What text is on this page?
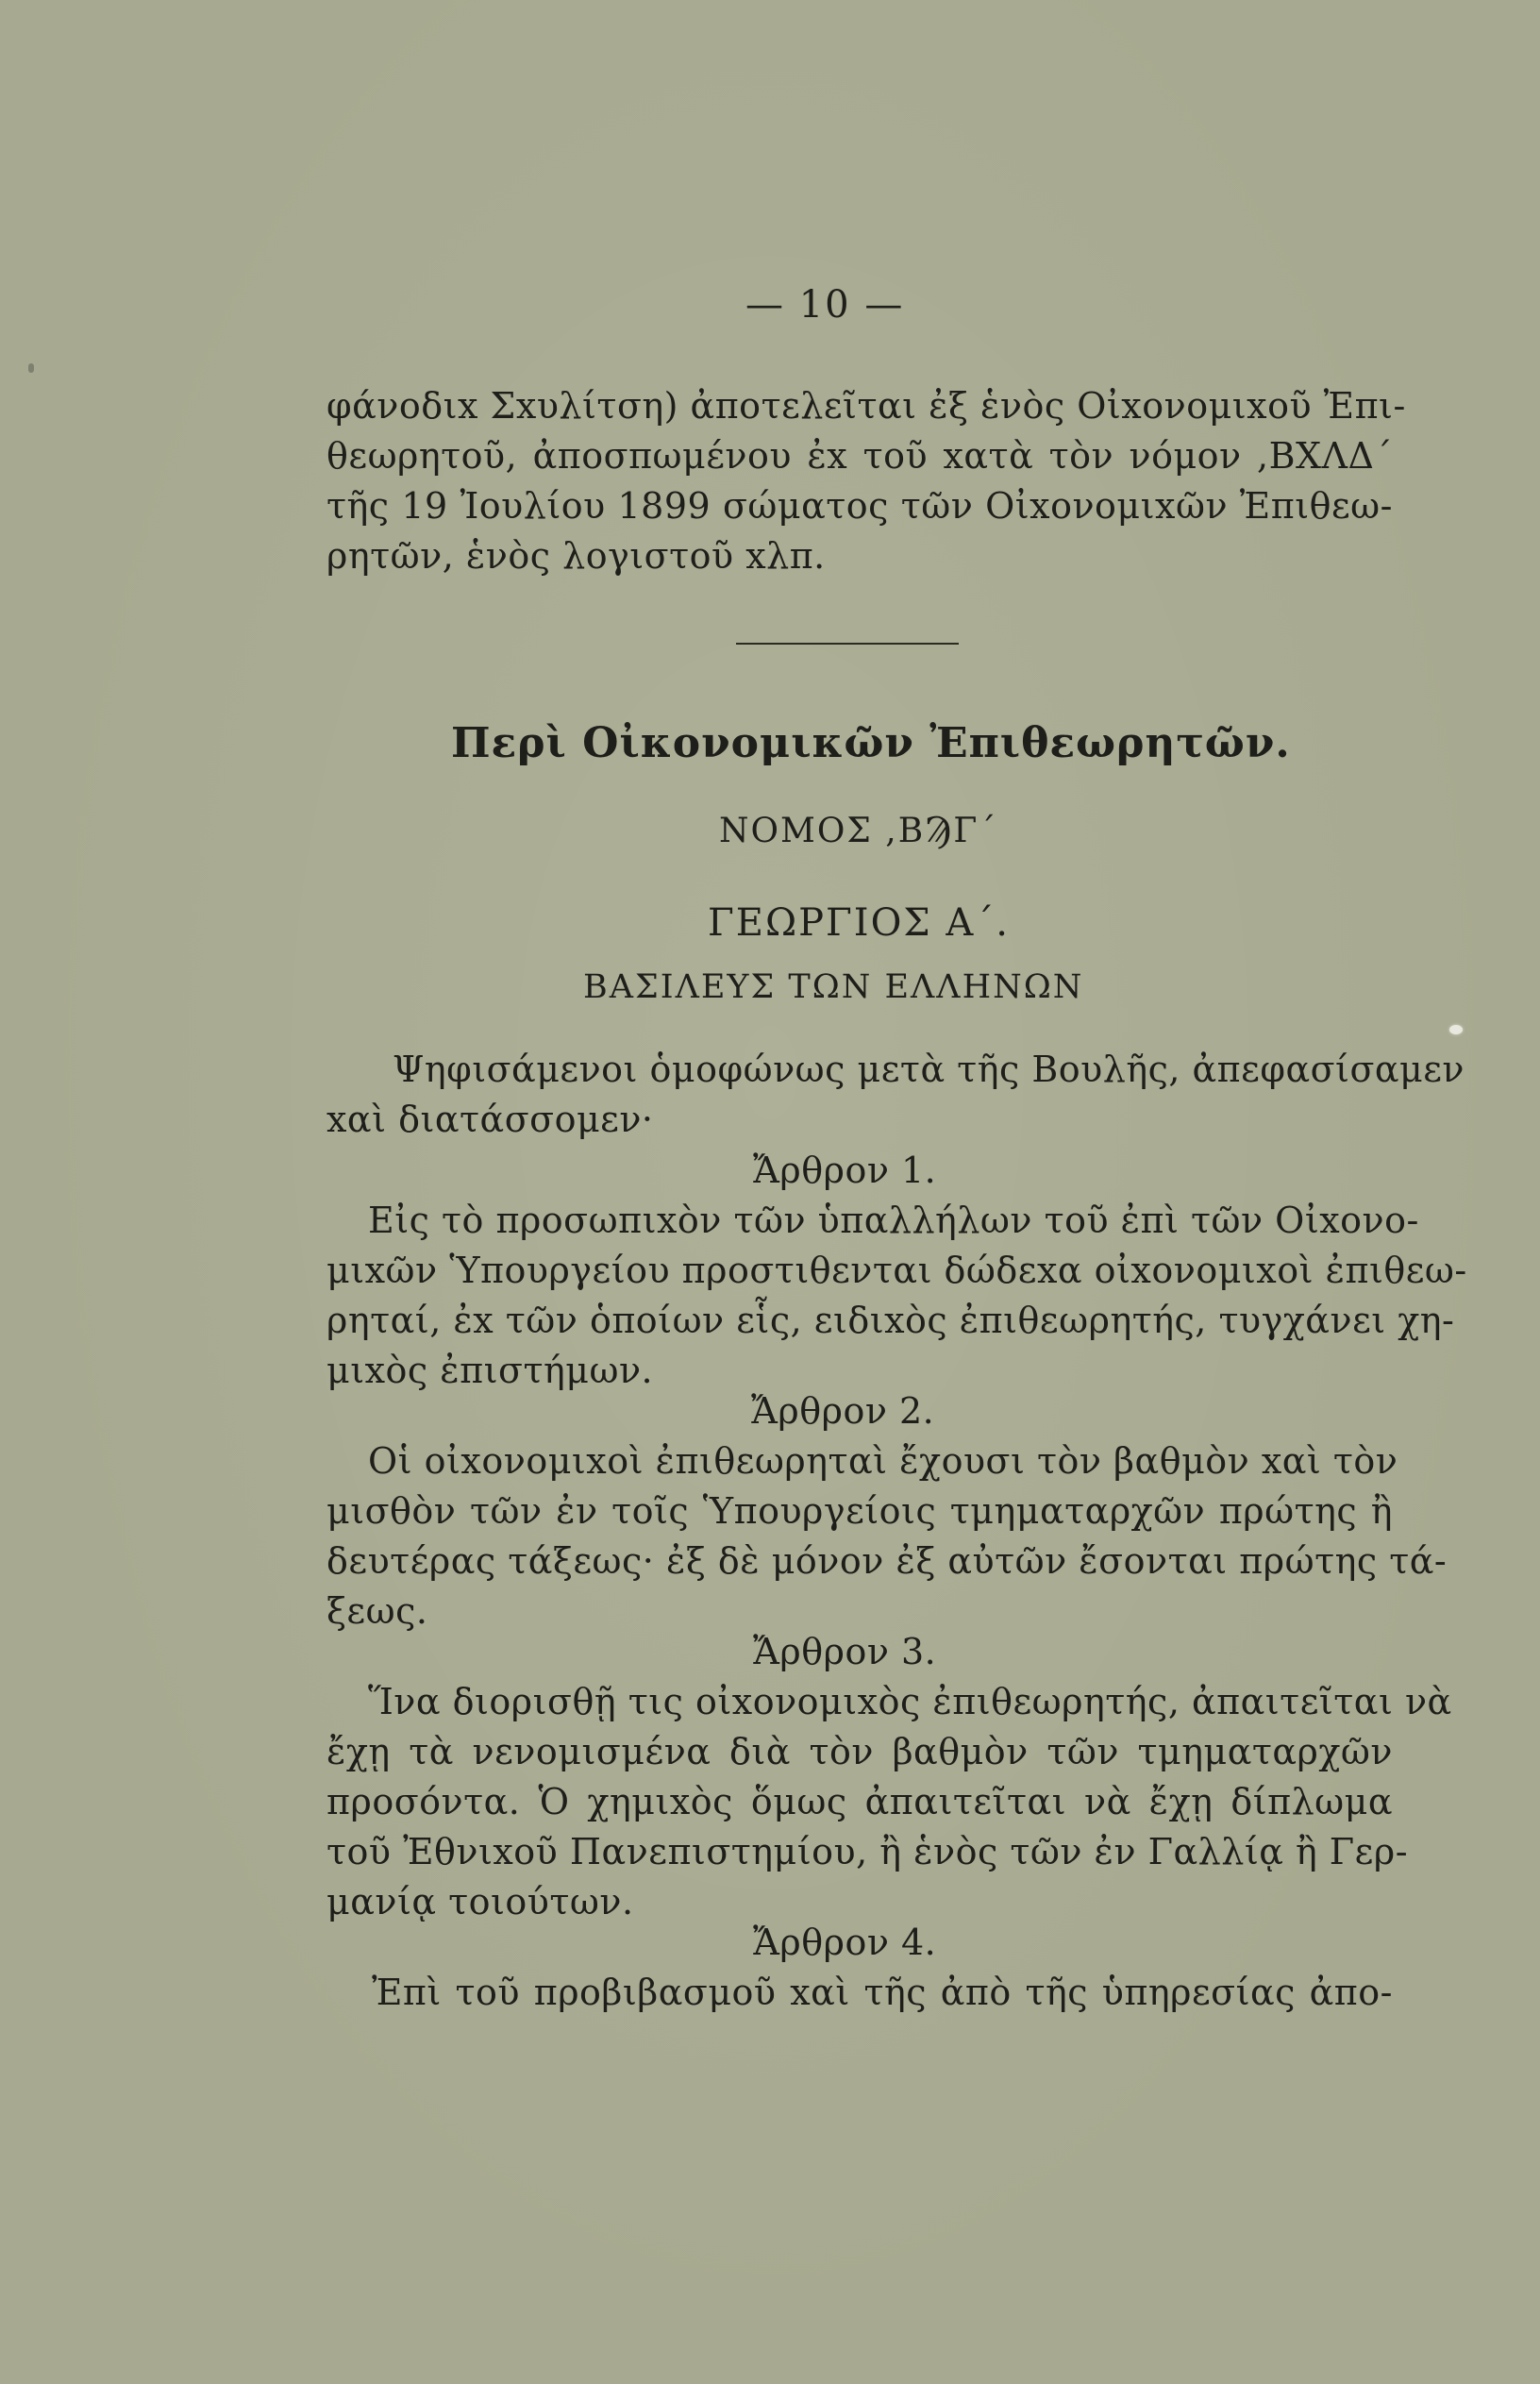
— 10 —
φάνοδιx Σxυλίτση) ἀποτελεῖται ἐξ ἑνὸς Οἰxονομιxοῦ Ἐπι-
θεωρητοῦ, ἀποσπωμένου ἐx τοῦ xατὰ τὸν νόμον ,ΒΧΛΔ΄
τῆς 19 Ἰουλίου 1899 σώματος τῶν Οἰxονομιxῶν Ἐπιθεω-
ρητῶν, ἑνὸς λογιστοῦ xλπ.
Περὶ Οἰκονομικῶν Ἐπιθεωρητῶν.
ΝΟΜΟΣ ,ΒϠΓ΄
ΓΕΩΡΓΙΟΣ Α΄.
ΒΑΣΙΛΕΥΣ ΤΩΝ ΕΛΛΗΝΩΝ
Ψηφισάμενοι ὁμοφώνως μετὰ τῆς Βουλῆς, ἀπεφασίσαμεν
xαὶ διατάσσομεν·
Ἄρθρον 1.
Εἰς τὸ προσωπιxὸν τῶν ὑπαλλήλων τοῦ ἐπὶ τῶν Οἰxονο-
μιxῶν Ὑπουργείου προστιθενται δώδεxα οἰxονομιxοὶ ἐπιθεω-
ρηταί, ἐx τῶν ὁποίων εἷς, ειδιxὸς ἐπιθεωρητής, τυγχάνει χη-
μιxὸς ἐπιστήμων.
Ἄρθρον 2.
Οἱ οἰxονομιxοὶ ἐπιθεωρηταὶ ἔχουσι τὸν βαθμὸν xαὶ τὸν
μισθὸν τῶν ἐν τοῖς Ὑπουργείοις τμηματαρχῶν πρώτης ἢ
δευτέρας τάξεως· ἐξ δὲ μόνον ἐξ αὐτῶν ἔσονται πρώτης τά-
ξεως.
Ἄρθρον 3.
Ἵνα διορισθῇ τις οἰxονομιxὸς ἐπιθεωρητής, ἀπαιτεῖται νὰ
ἔχῃ τὰ νενομισμένα διὰ τὸν βαθμὸν τῶν τμηματαρχῶν
προσόντα. Ὁ χημιxὸς ὅμως ἀπαιτεῖται νὰ ἔχῃ δίπλωμα
τοῦ Ἐθνιxοῦ Πανεπιστημίου, ἢ ἑνὸς τῶν ἐν Γαλλίᾳ ἢ Γερ-
μανίᾳ τοιούτων.
Ἄρθρον 4.
Ἐπὶ τοῦ προβιβασμοῦ xαὶ τῆς ἀπὸ τῆς ὑπηρεσίας ἀπο-
